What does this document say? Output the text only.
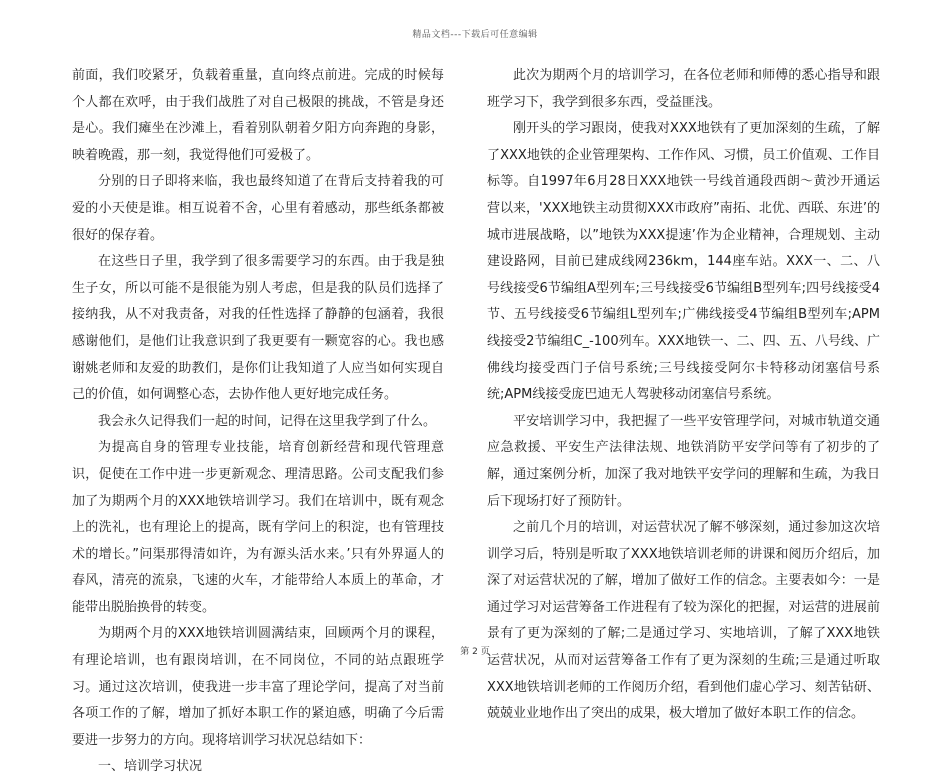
精品文档---下载后可任意编辑

前面，我们咬紧牙，负载着重量，直向终点前进。完成的时候每个人都在欢呼，由于我们战胜了对自己极限的挑战，不管是身还是心。我们瘫坐在沙滩上，看着别队朝着夕阳方向奔跑的身影，映着晚霞，那一刻，我觉得他们可爱极了。

分别的日子即将来临，我也最终知道了在背后支持着我的可爱的小天使是谁。相互说着不舍，心里有着感动，那些纸条都被很好的保存着。

在这些日子里，我学到了很多需要学习的东西。由于我是独生子女，所以可能不是很能为别人考虑，但是我的队员们选择了接纳我，从不对我责备，对我的任性选择了静静的包涵着，我很感谢他们，是他们让我意识到了我更要有一颗宽容的心。我也感谢姚老师和友爱的助教们，是你们让我知道了人应当如何实现自己的价值，如何调整心态，去协作他人更好地完成任务。

我会永久记得我们一起的时间，记得在这里我学到了什么。

为提高自身的管理专业技能，培育创新经营和现代管理意识，促使在工作中进一步更新观念、理清思路。公司支配我们参加了为期两个月的XXX地铁培训学习。我们在培训中，既有观念上的洗礼，也有理论上的提高，既有学问上的积淀，也有管理技术的增长。”问渠那得清如许，为有源头活水来。’只有外界逼人的春风，清亮的流泉，飞速的火车，才能带给人本质上的革命，才能带出脱胎换骨的转变。

为期两个月的XXX地铁培训圆满结束，回顾两个月的课程，有理论培训，也有跟岗培训，在不同岗位，不同的站点跟班学习。通过这次培训，使我进一步丰富了理论学问，提高了对当前各项工作的了解，增加了抓好本职工作的紧迫感，明确了今后需要进一步努力的方向。现将培训学习状况总结如下：

一、培训学习状况

此次为期两个月的培训学习，在各位老师和师傅的悉心指导和跟班学习下，我学到很多东西，受益匪浅。

刚开头的学习跟岗，使我对XXX地铁有了更加深刻的生疏，了解了XXX地铁的企业管理架构、工作作风、习惯，员工价值观、工作目标等。自1997年6月28日XXX地铁一号线首通段西朗～黄沙开通运营以来，'XXX地铁主动贯彻XXX市政府”南拓、北优、西联、东进’的城市进展战略，以”地铁为XXX提速’作为企业精神，合理规划、主动建设路网，目前已建成线网236km，144座车站。XXX一、二、八号线接受6节编组A型列车;三号线接受6节编组B型列车;四号线接受4节、五号线接受6节编组L型列车;广佛线接受4节编组B型列车;APM线接受2节编组C_-100列车。XXX地铁一、二、四、五、八号线、广佛线均接受西门子信号系统;三号线接受阿尔卡特移动闭塞信号系统;APM线接受庞巴迪无人驾驶移动闭塞信号系统。

平安培训学习中，我把握了一些平安管理学问，对城市轨道交通应急救援、平安生产法律法规、地铁消防平安学问等有了初步的了解，通过案例分析，加深了我对地铁平安学问的理解和生疏，为我日后下现场打好了预防针。

之前几个月的培训，对运营状况了解不够深刻，通过参加这次培训学习后，特别是听取了XXX地铁培训老师的讲课和阅历介绍后，加深了对运营状况的了解，增加了做好工作的信念。主要表如今：一是通过学习对运营筹备工作进程有了较为深化的把握，对运营的进展前景有了更为深刻的了解;二是通过学习、实地培训，了解了XXX地铁运营状况，从而对运营筹备工作有了更为深刻的生疏;三是通过听取XXX地铁培训老师的工作阅历介绍，看到他们虚心学习、刻苦钻研、兢兢业业地作出了突出的成果，极大增加了做好本职工作的信念。

第 2 页
